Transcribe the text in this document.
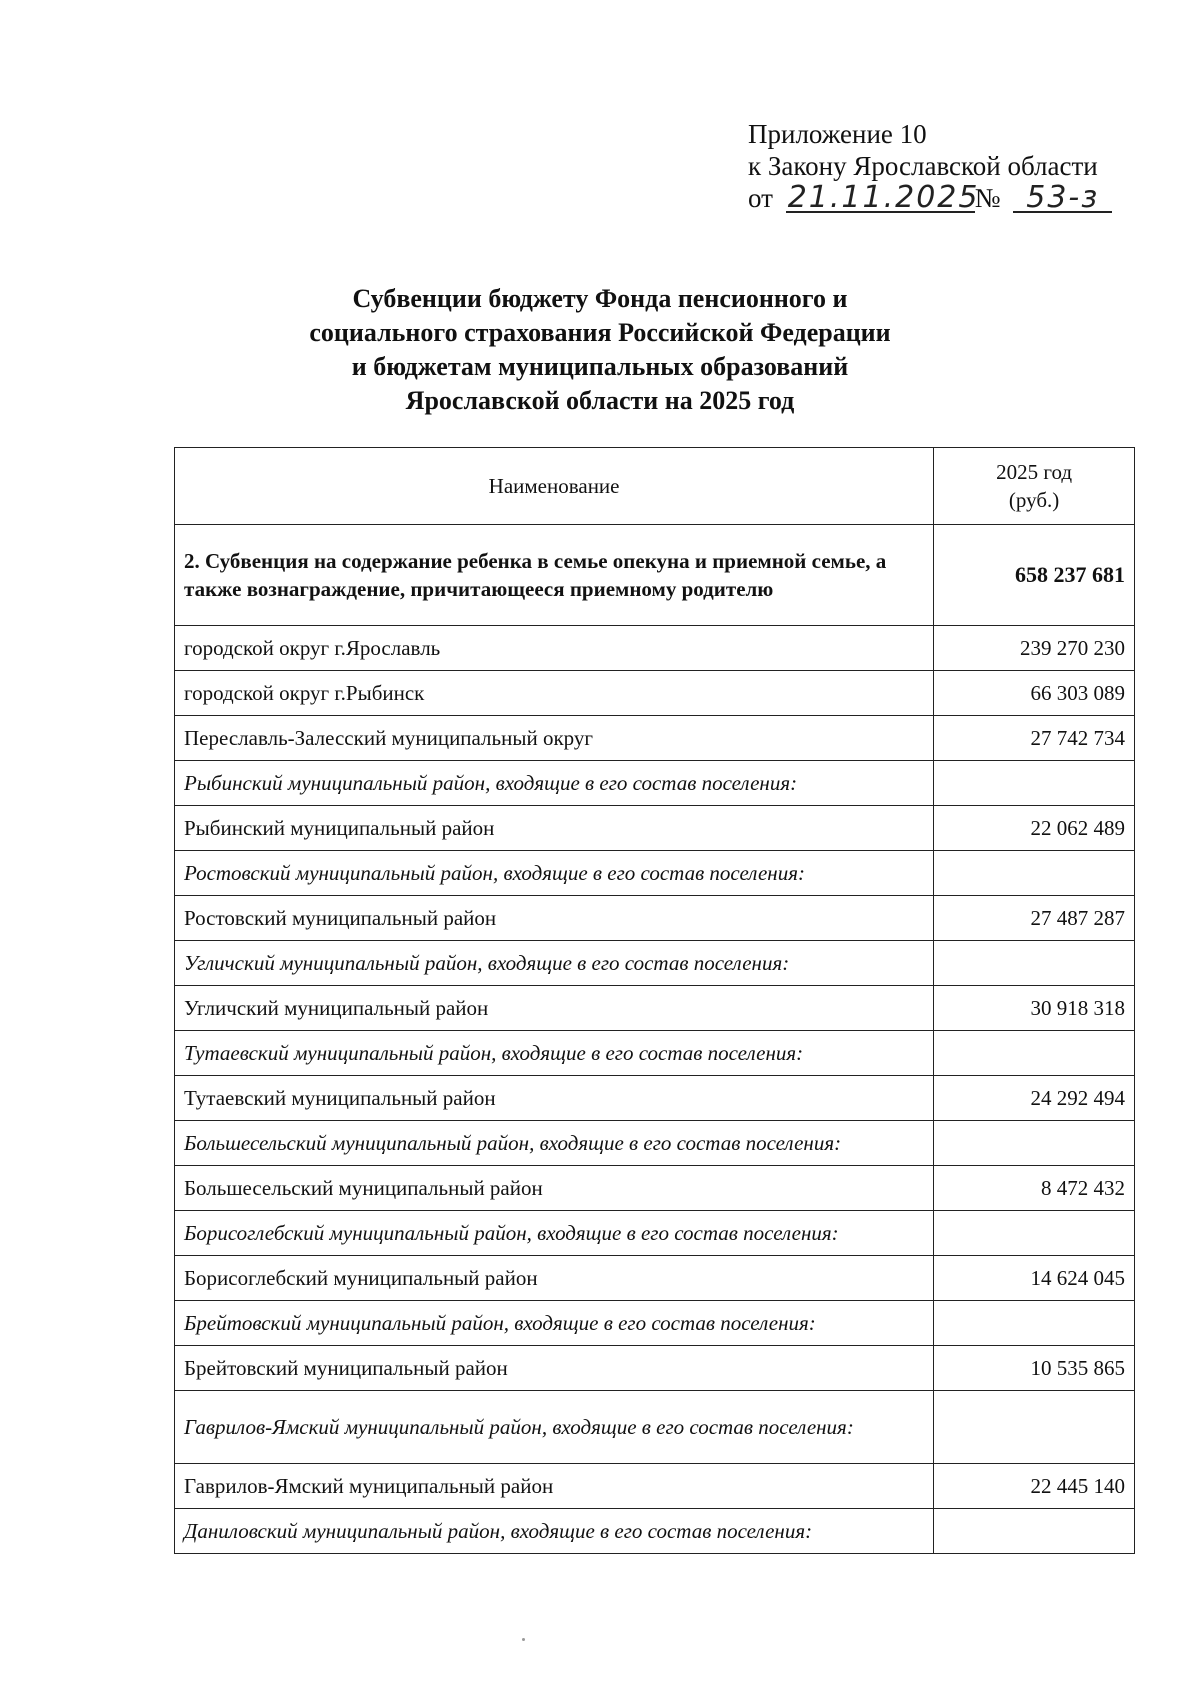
Приложение 10
к Закону Ярославской области
от 21.11.2025№ 53-з
Субвенции бюджету Фонда пенсионного и
социального страхования Российской Федерации
и бюджетам муниципальных образований
Ярославской области на 2025 год
Наименование	2025 год
(руб.)

2. Субвенция на содержание ребенка в семье опекуна и приемной семье, а также вознаграждение, причитающееся приемному родителю	658 237 681
городской округ г.Ярославль	239 270 230
городской округ г.Рыбинск	66 303 089
Переславль-Залесский муниципальный округ	27 742 734
Рыбинский муниципальный район, входящие в его состав поселения:	
Рыбинский муниципальный район	22 062 489
Ростовский муниципальный район, входящие в его состав поселения:	
Ростовский муниципальный район	27 487 287
Угличский муниципальный район, входящие в его состав поселения:	
Угличский муниципальный район	30 918 318
Тутаевский муниципальный район, входящие в его состав поселения:	
Тутаевский муниципальный район	24 292 494
Большесельский муниципальный район, входящие в его состав поселения:	
Большесельский муниципальный район	8 472 432
Борисоглебский муниципальный район, входящие в его состав поселения:	
Борисоглебский муниципальный район	14 624 045
Брейтовский муниципальный район, входящие в его состав поселения:	
Брейтовский муниципальный район	10 535 865
Гаврилов-Ямский муниципальный район, входящие в его состав поселения:	
Гаврилов-Ямский муниципальный район	22 445 140
Даниловский муниципальный район, входящие в его состав поселения:	
